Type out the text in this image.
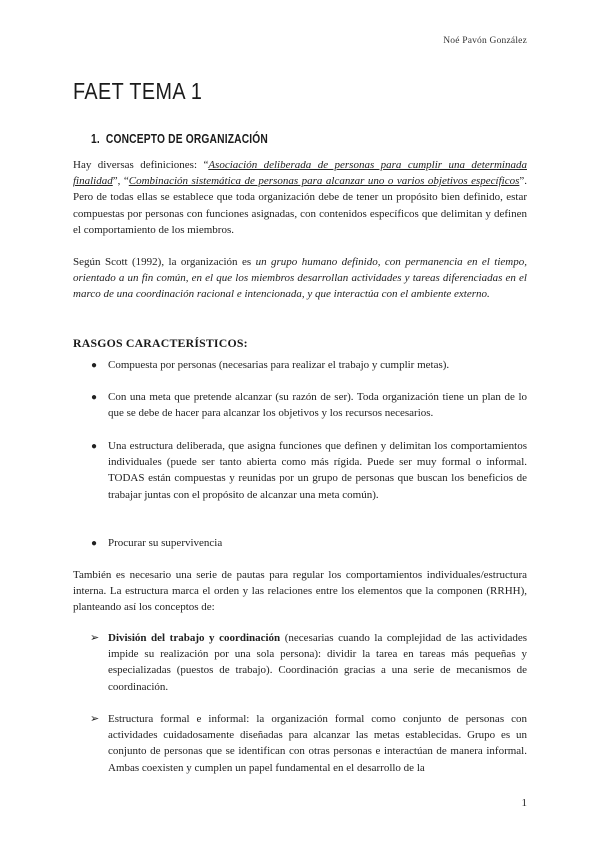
Noé Pavón González
FAET TEMA 1
1. CONCEPTO DE ORGANIZACIÓN

Hay diversas definiciones: “Asociación deliberada de personas para cumplir una determinada finalidad”, “Combinación sistemática de personas para alcanzar uno o varios objetivos específicos”. Pero de todas ellas se establece que toda organización debe de tener un propósito bien definido, estar compuestas por personas con funciones asignadas, con contenidos específicos que delimitan y definen el comportamiento de los miembros.

Según Scott (1992), la organización es un grupo humano definido, con permanencia en el tiempo, orientado a un fin común, en el que los miembros desarrollan actividades y tareas diferenciadas en el marco de una coordinación racional e intencionada, y que interactúa con el ambiente externo.

RASGOS CARACTERÍSTICOS:
● Compuesta por personas (necesarias para realizar el trabajo y cumplir metas).

● Con una meta que pretende alcanzar (su razón de ser). Toda organización tiene un plan de lo que se debe de hacer para alcanzar los objetivos y los recursos necesarios.

● Una estructura deliberada, que asigna funciones que definen y delimitan los comportamientos individuales (puede ser tanto abierta como más rígida. Puede ser muy formal o informal. TODAS están compuestas y reunidas por un grupo de personas que buscan los beneficios de trabajar juntas con el propósito de alcanzar una meta común).

● Procurar su supervivencia

También es necesario una serie de pautas para regular los comportamientos individuales/estructura interna. La estructura marca el orden y las relaciones entre los elementos que la componen (RRHH), planteando así los conceptos de:

➢ División del trabajo y coordinación (necesarias cuando la complejidad de las actividades impide su realización por una sola persona): dividir la tarea en tareas más pequeñas y especializadas (puestos de trabajo). Coordinación gracias a una serie de mecanismos de coordinación.

➢ Estructura formal e informal: la organización formal como conjunto de personas con actividades cuidadosamente diseñadas para alcanzar las metas establecidas. Grupo es un conjunto de personas que se identifican con otras personas e interactúan de manera informal. Ambas coexisten y cumplen un papel fundamental en el desarrollo de la

1
